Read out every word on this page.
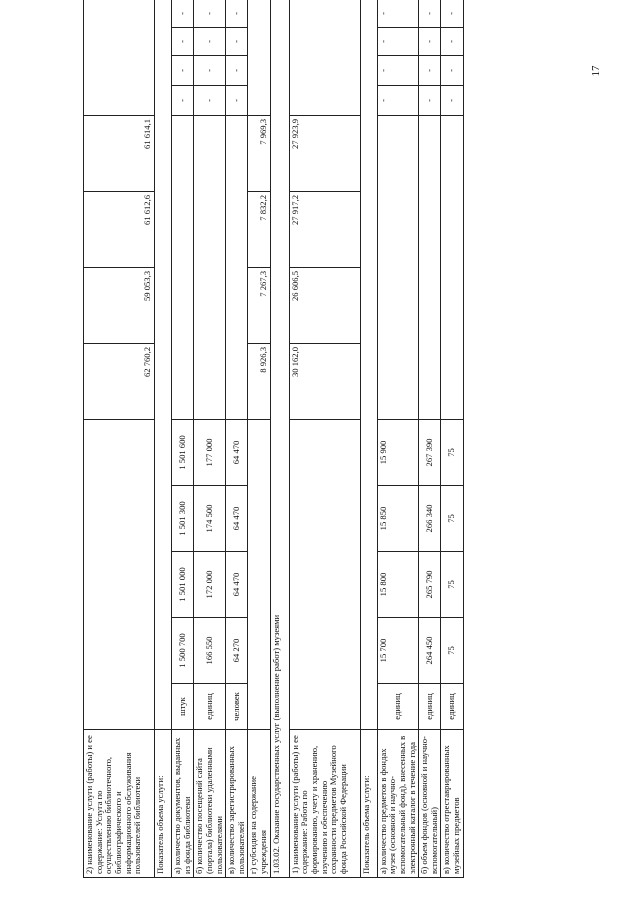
17
2) наименование услуги (работы) и ее содержание: Услуга по осуществлению библиотечного, библиографического и информационного обслуживания пользователей библиотеки						62 760,2	59 053,3	61 612,6	61 614,1				
Показатель объема услуги:													
а) количество документов, выданных из фонда библиотеки	штук	1 500 700	1 501 000	1 501 300	1 501 600					-	-	-	-
б) количество посещений сайта (портала) библиотеки удаленными пользователями	единиц	166 550	172 000	174 500	177 000					-	-	-	-
в) количество зарегистрированных пользователей	человек	64 270	64 470	64 470	64 470					-	-	-	-
г) субсидия на содержание учреждения						8 926,3	7 267,3	7 832,2	7 969,3				
1.03.02. Оказание государственных услуг (выполнение работ) музеями													
1) наименование услуги (работы) и ее содержание: Работа по формированию, учету и хранению, изучению и обеспечению сохранности предметов Музейного фонда Российской Федерации						30 162,0	26 606,5	27 917,2	27 923,9				
Показатель объема услуги:													
а) количество предметов в фондах музея (основной и научно-вспомогательный фонд), внесенных в электронный каталог в течение года	единиц	15 700	15 800	15 850	15 900					-	-	-	-
б) объем фондов (основной и научно-вспомогательный)	единиц	264 450	265 790	266 340	267 390					-	-	-	-
в) количество отреставрированных музейных предметов	единиц	75	75	75	75					-	-	-	-
